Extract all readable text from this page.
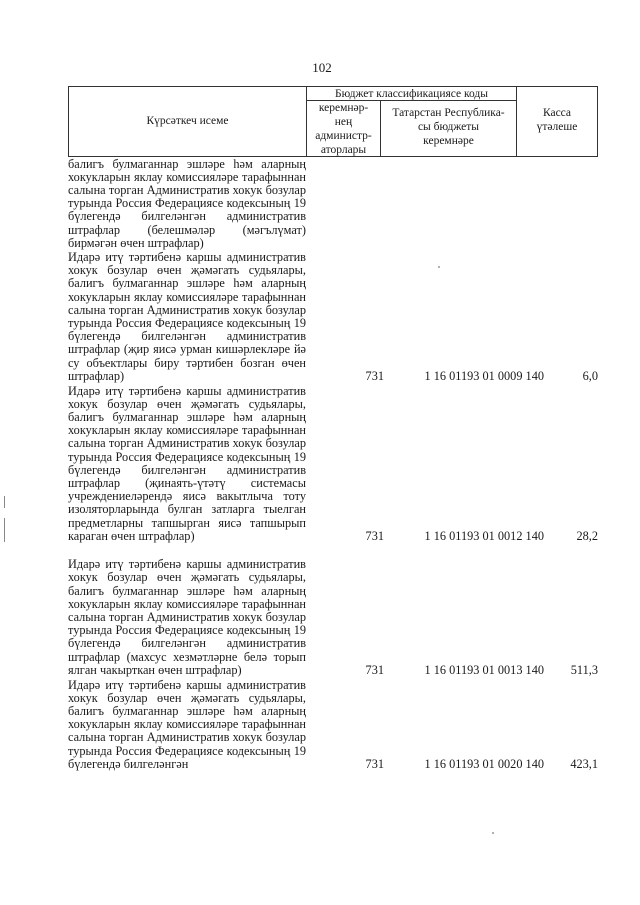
102
Күрсәткеч исеме
Бюджет классификациясе коды
керемнәр-
нең
администр-
аторлары
Татарстан Республика-
сы бюджеты
керемнәре
Касса
үтәлеше
балигъ булмаганнар эшләре һәм аларның хокукларын яклау комиссияләре тарафыннан салына торган Административ хокук бозулар турында Россия Федерациясе кодексының 19 бүлегендә билгеләнгән административ штрафлар (белешмәләр (мәгълүмат) бирмәгән өчен штрафлар)
Идарә итү тәртибенә каршы административ хокук бозулар өчен җәмәгать судьялары, балигъ булмаганнар эшләре һәм аларның хокукларын яклау комиссияләре тарафыннан салына торган Административ хокук бозулар турында Россия Федерациясе кодексының 19 бүлегендә билгеләнгән административ штрафлар (җир яисә урман кишәрлекләре йә су объектлары биру тәртибен бозган өчен штрафлар)	731	1 16 01193 01 0009 140	6,0
Идарә итү тәртибенә каршы административ хокук бозулар өчен җәмәгать судьялары, балигъ булмаганнар эшләре һәм аларның хокукларын яклау комиссияләре тарафыннан салына торган Административ хокук бозулар турында Россия Федерациясе кодексының 19 бүлегендә билгеләнгән административ штрафлар (җинаять-үтәтү системасы учреждениеләрендә яисә вакытлыча тоту изоляторларында булган затларга тыелган предметларны тапшырган яисә тапшырып караган өчен штрафлар)	731	1 16 01193 01 0012 140	28,2
Идарә итү тәртибенә каршы административ хокук бозулар өчен җәмәгать судьялары, балигъ булмаганнар эшләре һәм аларның хокукларын яклау комиссияләре тарафыннан салына торган Административ хокук бозулар турында Россия Федерациясе кодексының 19 бүлегендә билгеләнгән административ штрафлар (махсус хезмәтләрне белә торып ялган чакырткан өчен штрафлар)	731	1 16 01193 01 0013 140	511,3
Идарә итү тәртибенә каршы административ хокук бозулар өчен җәмәгать судьялары, балигъ булмаганнар эшләре һәм аларның хокукларын яклау комиссияләре тарафыннан салына торган Административ хокук бозулар турында Россия Федерациясе кодексының 19 бүлегендә билгеләнгән	731	1 16 01193 01 0020 140	423,1
